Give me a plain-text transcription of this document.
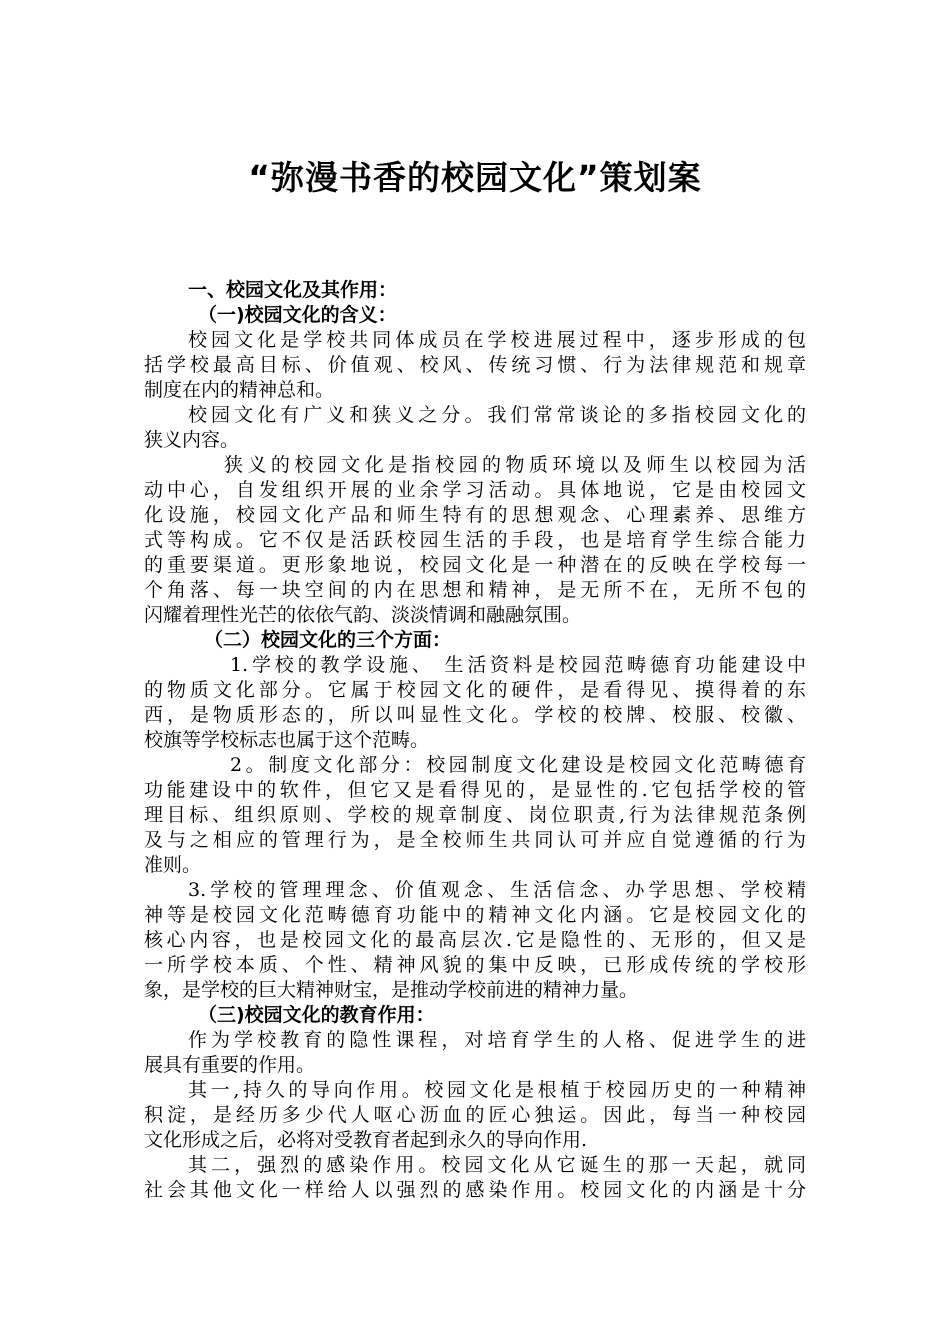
“弥漫书香的校园文化”策划案
一、校园文化及其作用：
（一)校园文化的含义：
校园文化是学校共同体成员在学校进展过程中，逐步形成的包
括学校最高目标、价值观、校风、传统习惯、行为法律规范和规章
制度在内的精神总和。
校园文化有广义和狭义之分。我们常常谈论的多指校园文化的
狭义内容。
狭义的校园文化是指校园的物质环境以及师生以校园为活
动中心，自发组织开展的业余学习活动。具体地说，它是由校园文
化设施，校园文化产品和师生特有的思想观念、心理素养、思维方
式等构成。它不仅是活跃校园生活的手段，也是培育学生综合能力
的重要渠道。更形象地说，校园文化是一种潜在的反映在学校每一
个角落、每一块空间的内在思想和精神，是无所不在，无所不包的
闪耀着理性光芒的依依气韵、淡淡情调和融融氛围。
（二）校园文化的三个方面：
1.学校的教学设施、 生活资料是校园范畴德育功能建设中
的物质文化部分。它属于校园文化的硬件，是看得见、摸得着的东
西，是物质形态的，所以叫显性文化。学校的校牌、校服、校徽、
校旗等学校标志也属于这个范畴。
2。制度文化部分：校园制度文化建设是校园文化范畴德育
功能建设中的软件，但它又是看得见的，是显性的.它包括学校的管
理目标、组织原则、学校的规章制度、岗位职责,行为法律规范条例
及与之相应的管理行为，是全校师生共同认可并应自觉遵循的行为
准则。
3.学校的管理理念、价值观念、生活信念、办学思想、学校精
神等是校园文化范畴德育功能中的精神文化内涵。它是校园文化的
核心内容，也是校园文化的最高层次.它是隐性的、无形的，但又是
一所学校本质、个性、精神风貌的集中反映，已形成传统的学校形
象，是学校的巨大精神财宝，是推动学校前进的精神力量。
（三)校园文化的教育作用：
作为学校教育的隐性课程，对培育学生的人格、促进学生的进
展具有重要的作用。
其一,持久的导向作用。校园文化是根植于校园历史的一种精神
积淀，是经历多少代人呕心沥血的匠心独运。因此，每当一种校园
文化形成之后，必将对受教育者起到永久的导向作用.
其二，强烈的感染作用。校园文化从它诞生的那一天起，就同
社会其他文化一样给人以强烈的感染作用。校园文化的内涵是十分
